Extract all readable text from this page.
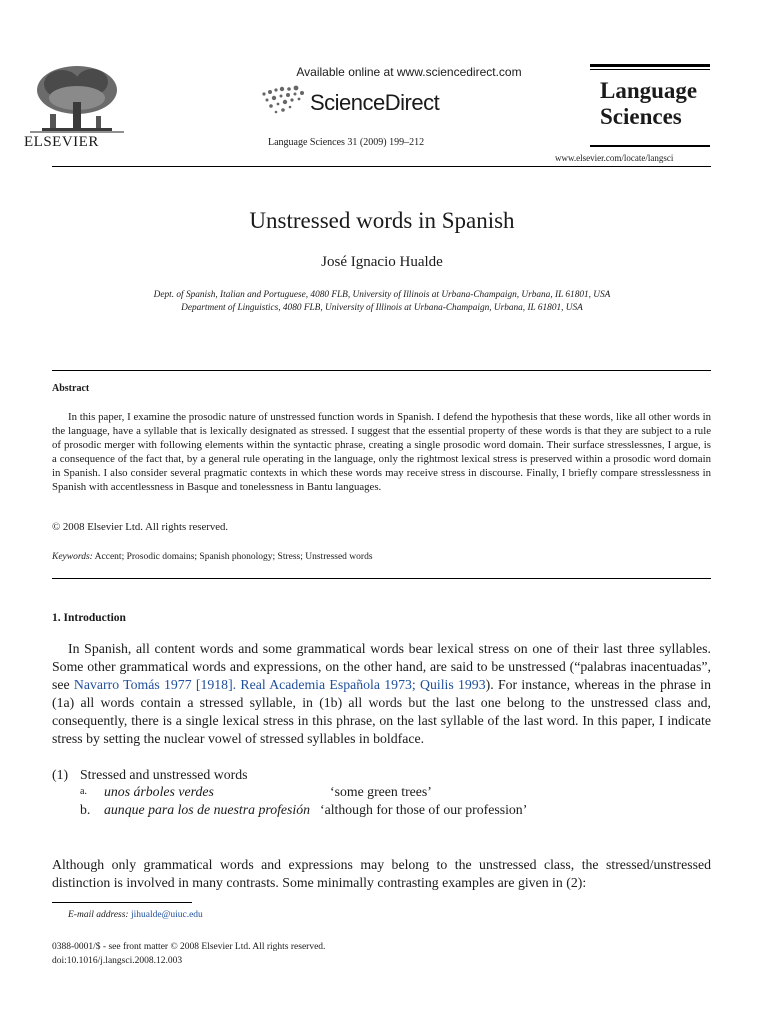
ELSEVIER
Available online at www.sciencedirect.com
ScienceDirect
Language Sciences 31 (2009) 199–212
Language
Sciences
www.elsevier.com/locate/langsci
Unstressed words in Spanish
José Ignacio Hualde
Dept. of Spanish, Italian and Portuguese, 4080 FLB, University of Illinois at Urbana-Champaign, Urbana, IL 61801, USA
Department of Linguistics, 4080 FLB, University of Illinois at Urbana-Champaign, Urbana, IL 61801, USA
Abstract

In this paper, I examine the prosodic nature of unstressed function words in Spanish. I defend the hypothesis that these words, like all other words in the language, have a syllable that is lexically designated as stressed. I suggest that the essential property of these words is that they are subject to a rule of prosodic merger with following elements within the syntactic phrase, creating a single prosodic word domain. Their surface stresslessnes, I argue, is a consequence of the fact that, by a general rule operating in the language, only the rightmost lexical stress is preserved within a prosodic word domain in Spanish. I also consider several pragmatic contexts in which these words may receive stress in discourse. Finally, I briefly compare stresslessness in Spanish with accentlessness in Basque and tonelessness in Bantu languages.

© 2008 Elsevier Ltd. All rights reserved.
Keywords: Accent; Prosodic domains; Spanish phonology; Stress; Unstressed words
1. Introduction

In Spanish, all content words and some grammatical words bear lexical stress on one of their last three syllables. Some other grammatical words and expressions, on the other hand, are said to be unstressed (“palabras inacentuadas”, see Navarro Tomás 1977 [1918]. Real Academia Española 1973; Quilis 1993). For instance, whereas in the phrase in (1a) all words contain a stressed syllable, in (1b) all words but the last one belong to the unstressed class and, consequently, there is a single lexical stress in this phrase, on the last syllable of the last word. In this paper, I indicate stress by setting the nuclear vowel of stressed syllables in boldface.

(1) Stressed and unstressed words
a. unos árboles verdes	‘some green trees’
b. aunque para los de nuestra profesión ‘although for those of our profession’

Although only grammatical words and expressions may belong to the unstressed class, the stressed/unstressed distinction is involved in many contrasts. Some minimally contrasting examples are given in (2):

E-mail address: jihualde@uiuc.edu
0388-0001/$ - see front matter © 2008 Elsevier Ltd. All rights reserved.
doi:10.1016/j.langsci.2008.12.003
